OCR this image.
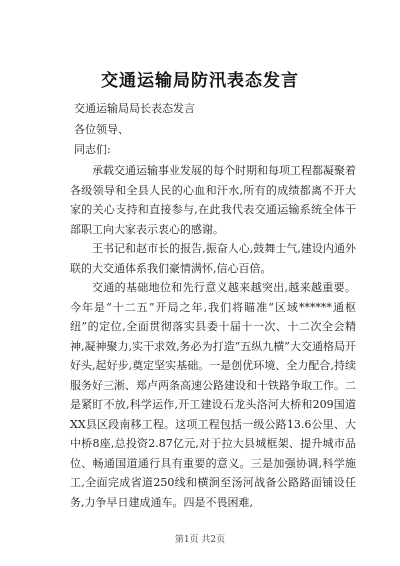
交通运输局防汛表态发言
交通运输局局长表态发言
各位领导、
同志们:
承载交通运输事业发展的每个时期和每项工程都凝聚着各级领导和全县人民的心血和汗水,所有的成绩都离不开大家的关心支持和直接参与,在此我代表交通运输系统全体干部职工向大家表示衷心的感谢。
王书记和赵市长的报告,振奋人心,鼓舞士气,建设内通外联的大交通体系我们豪情满怀,信心百倍。
交通的基础地位和先行意义越来越突出,越来越重要。今年是“十二五”开局之年,我们将瞄准“区域******通枢纽”的定位,全面贯彻落实县委十届十一次、十二次全会精神,凝神聚力,实干求效,务必为打造“五纵九横”大交通格局开好头,起好步,奠定坚实基础。一是创优环境、全力配合,持续服务好三淅、郑卢两条高速公路建设和十铁路争取工作。二是紧盯不放,科学运作,开工建设石龙头洛河大桥和209国道XX县区段南移工程。这项工程包括一级公路13.6公里、大中桥8座,总投资2.87亿元,对于拉大县城框架、提升城市品位、畅通国道通行具有重要的意义。三是加强协调,科学施工,全面完成省道250线和横涧至汤河战备公路路面铺设任务,力争早日建成通车。四是不畏困难,
第1页 共2页
